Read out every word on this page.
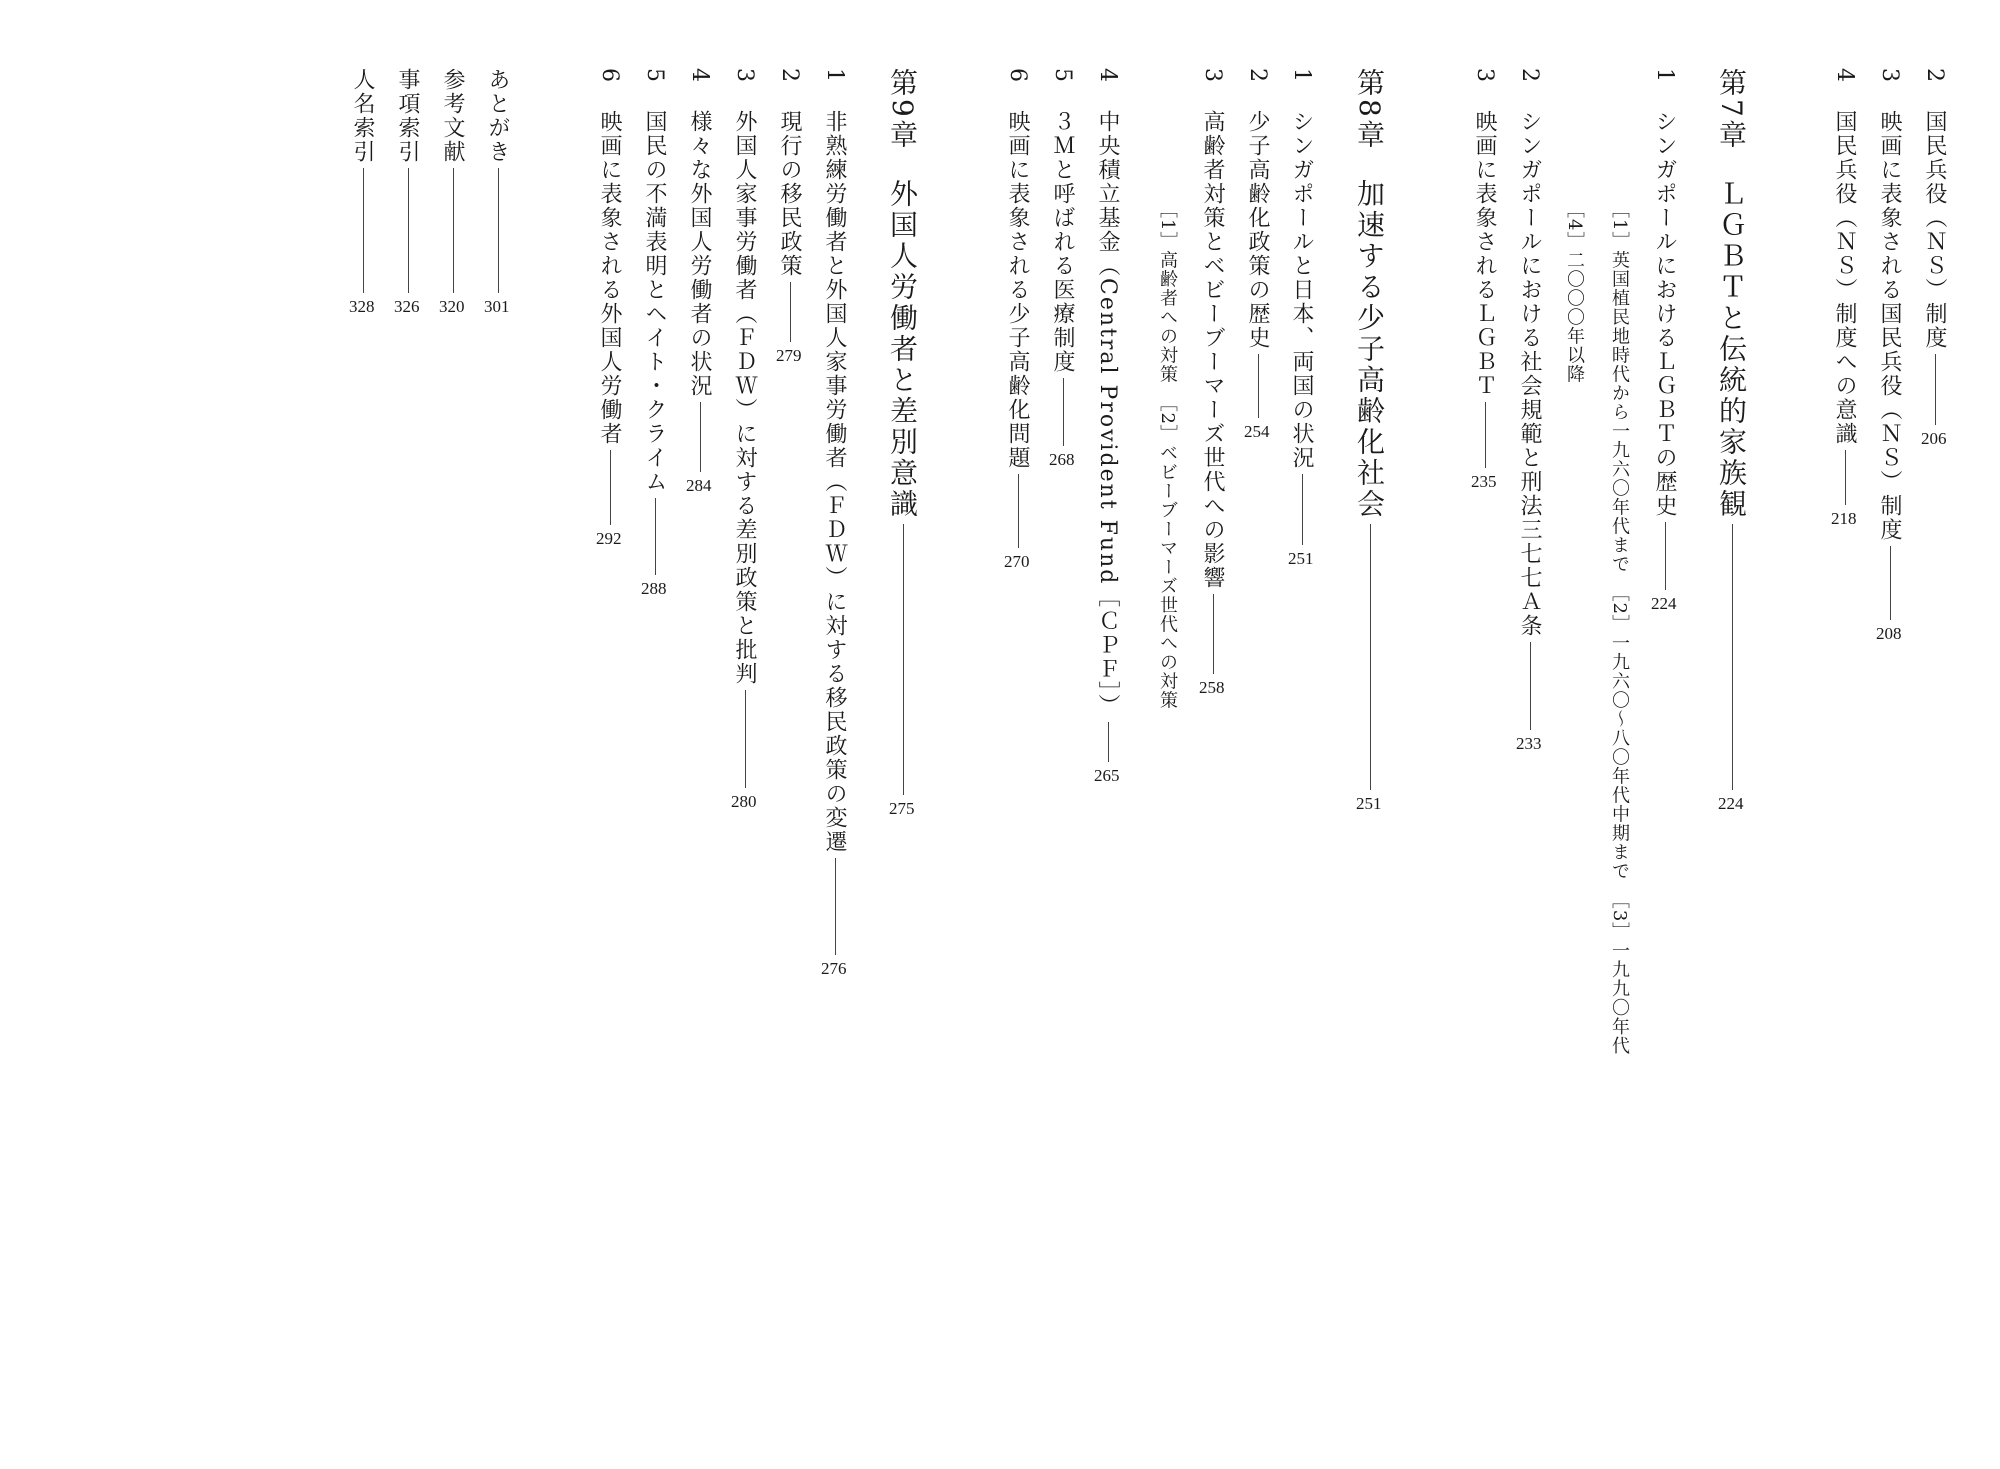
2国民兵役（ＮＳ）制度
206
3映画に表象される国民兵役（ＮＳ）制度
208
4国民兵役（ＮＳ）制度への意識
218
第7章ＬＧＢＴと伝統的家族観
224
1シンガポールにおけるＬＧＢＴの歴史
224
［1］英国植民地時代から一九六〇年代まで　［2］一九六〇～八〇年代中期まで　［3］一九九〇年代
［4］二〇〇〇年以降
2シンガポールにおける社会規範と刑法三七七Ａ条
233
3映画に表象されるＬＧＢＴ
235
第8章加速する少子高齢化社会
251
1シンガポールと日本、両国の状況
251
2少子高齢化政策の歴史
254
3高齢者対策とベビーブーマーズ世代への影響
258
［1］高齢者への対策　［2］ベビーブーマーズ世代への対策
4中央積立基金（Central Provident Fund［ＣＰＦ］）
265
5３Ｍと呼ばれる医療制度
268
6映画に表象される少子高齢化問題
270
第9章外国人労働者と差別意識
275
1非熟練労働者と外国人家事労働者（ＦＤＷ）に対する移民政策の変遷
276
2現行の移民政策
279
3外国人家事労働者（ＦＤＷ）に対する差別政策と批判
280
4様々な外国人労働者の状況
284
5国民の不満表明とヘイト・クライム
288
6映画に表象される外国人労働者
292
あとがき
301
参考文献
320
事項索引
326
人名索引
328
